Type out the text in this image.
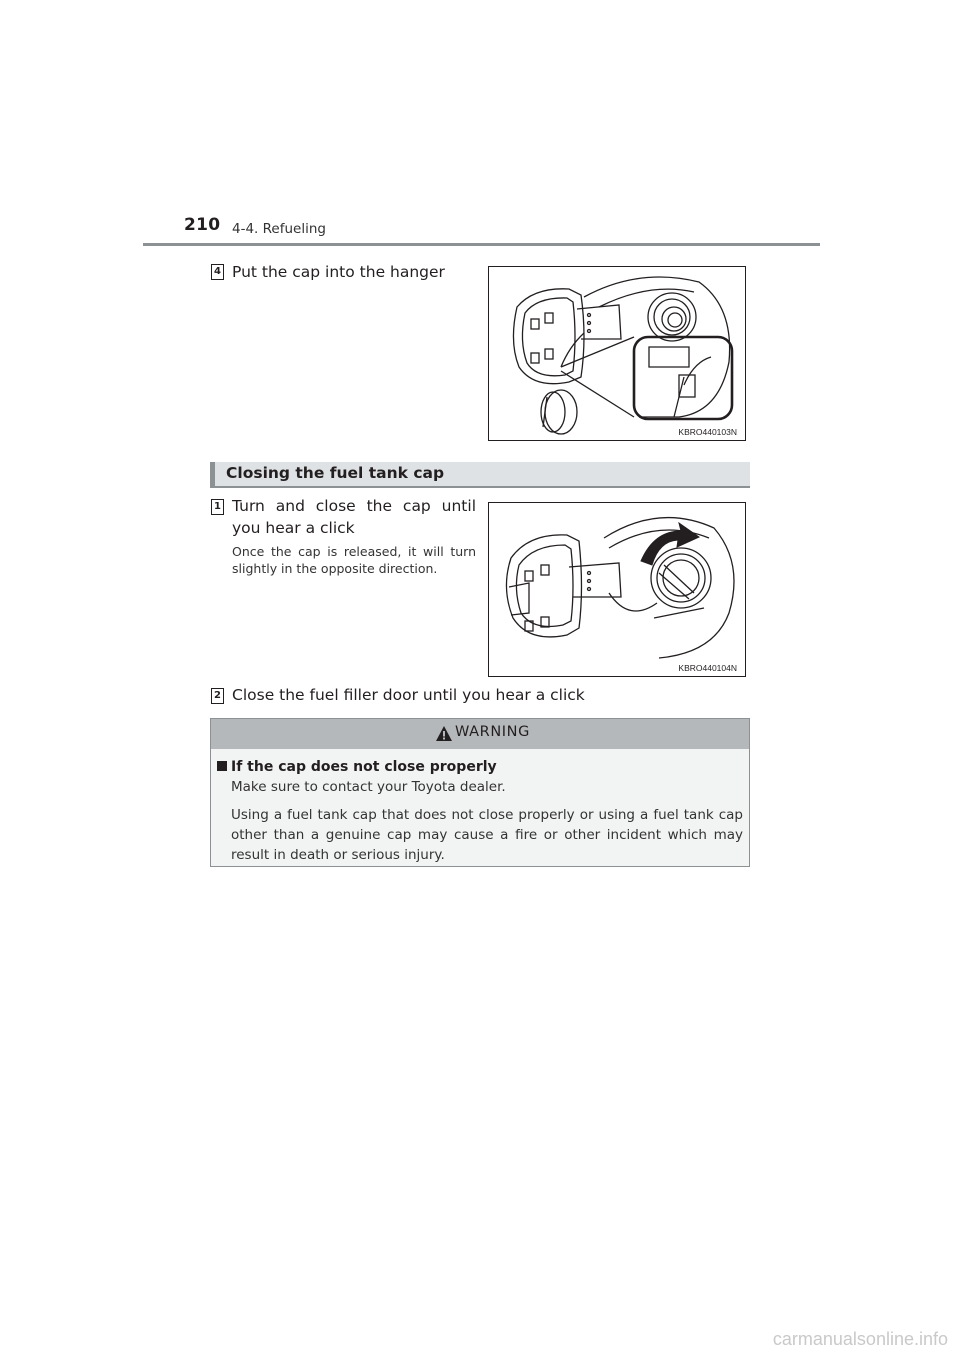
210 4-4. Refueling
4 Put the cap into the hanger
KBRO440103N
Closing the fuel tank cap
1 Turn and close the cap until you hear a click
Once the cap is released, it will turn slightly in the opposite direction.
KBRO440104N
2 Close the fuel filler door until you hear a click
WARNING
If the cap does not close properly

Make sure to contact your Toyota dealer.

Using a fuel tank cap that does not close properly or using a fuel tank cap other than a genuine cap may cause a fire or other incident which may result in death or serious injury.

carmanualsonline.info
